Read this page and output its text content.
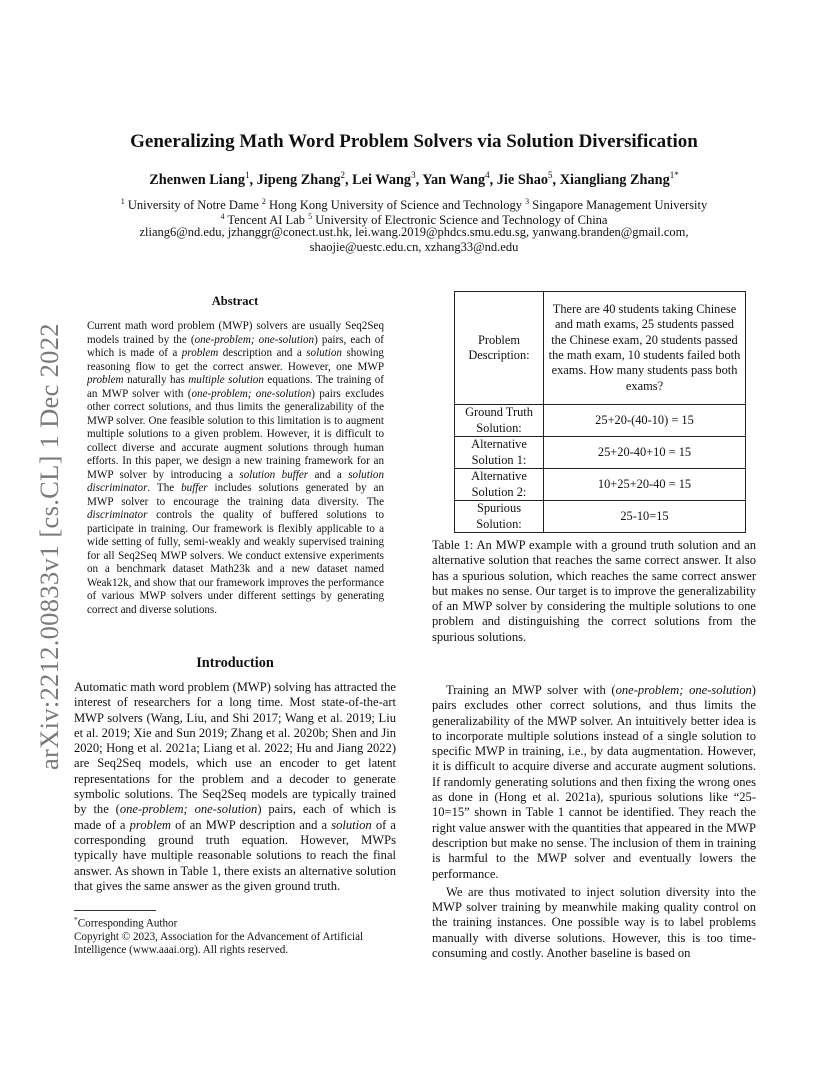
arXiv:2212.00833v1 [cs.CL] 1 Dec 2022
Generalizing Math Word Problem Solvers via Solution Diversification
Zhenwen Liang$^1$, Jipeng Zhang$^2$, Lei Wang$^3$, Yan Wang$^4$, Jie Shao$^5$, Xiangliang Zhang$^{1*}$
$^1$ University of Notre Dame $^2$ Hong Kong University of Science and Technology $^3$ Singapore Management University
$^4$ Tencent AI Lab $^5$ University of Electronic Science and Technology of China
zliang6@nd.edu, jzhanggr@conect.ust.hk, lei.wang.2019@phdcs.smu.edu.sg, yanwang.branden@gmail.com,
shaojie@uestc.edu.cn, xzhang33@nd.edu
Abstract
Current math word problem (MWP) solvers are usually Seq2Seq models trained by the (one-problem; one-solution) pairs, each of which is made of a problem description and a solution showing reasoning flow to get the correct answer. However, one MWP problem naturally has multiple solution equations. The training of an MWP solver with (one-problem; one-solution) pairs excludes other correct solutions, and thus limits the generalizability of the MWP solver. One feasible solution to this limitation is to augment multiple solutions to a given problem. However, it is difficult to collect diverse and accurate augment solutions through human efforts. In this paper, we design a new training framework for an MWP solver by introducing a solution buffer and a solution discriminator. The buffer includes solutions generated by an MWP solver to encourage the training data diversity. The discriminator controls the quality of buffered solutions to participate in training. Our framework is flexibly applicable to a wide setting of fully, semi-weakly and weakly supervised training for all Seq2Seq MWP solvers. We conduct extensive experiments on a benchmark dataset Math23k and a new dataset named Weak12k, and show that our framework improves the performance of various MWP solvers under different settings by generating correct and diverse solutions.
Introduction
Automatic math word problem (MWP) solving has attracted the interest of researchers for a long time. Most state-of-the-art MWP solvers (Wang, Liu, and Shi 2017; Wang et al. 2019; Liu et al. 2019; Xie and Sun 2019; Zhang et al. 2020b; Shen and Jin 2020; Hong et al. 2021a; Liang et al. 2022; Hu and Jiang 2022) are Seq2Seq models, which use an encoder to get latent representations for the problem and a decoder to generate symbolic solutions. The Seq2Seq models are typically trained by the (one-problem; one-solution) pairs, each of which is made of a problem of an MWP description and a solution of a corresponding ground truth equation. However, MWPs typically have multiple reasonable solutions to reach the final answer. As shown in Table 1, there exists an alternative solution that gives the same answer as the given ground truth.
*Corresponding Author
Copyright © 2023, Association for the Advancement of Artificial Intelligence (www.aaai.org). All rights reserved.
Problem Description:	There are 40 students taking Chinese and math exams, 25 students passed the Chinese exam, 20 students passed the math exam, 10 students failed both exams. How many students pass both exams?
Ground Truth Solution:	25+20-(40-10) = 15
Alternative Solution 1:	25+20-40+10 = 15
Alternative Solution 2:	10+25+20-40 = 15
Spurious Solution:	25-10=15
Table 1: An MWP example with a ground truth solution and an alternative solution that reaches the same correct answer. It also has a spurious solution, which reaches the same correct answer but makes no sense. Our target is to improve the generalizability of an MWP solver by considering the multiple solutions to one problem and distinguishing the correct solutions from the spurious solutions.

Training an MWP solver with (one-problem; one-solution) pairs excludes other correct solutions, and thus limits the generalizability of the MWP solver. An intuitively better idea is to incorporate multiple solutions instead of a single solution to specific MWP in training, i.e., by data augmentation. However, it is difficult to acquire diverse and accurate augment solutions. If randomly generating solutions and then fixing the wrong ones as done in (Hong et al. 2021a), spurious solutions like “25-10=15” shown in Table 1 cannot be identified. They reach the right value answer with the quantities that appeared in the MWP description but make no sense. The inclusion of them in training is harmful to the MWP solver and eventually lowers the performance.

We are thus motivated to inject solution diversity into the MWP solver training by meanwhile making quality control on the training instances. One possible way is to label problems manually with diverse solutions. However, this is too time-consuming and costly. Another baseline is based on
